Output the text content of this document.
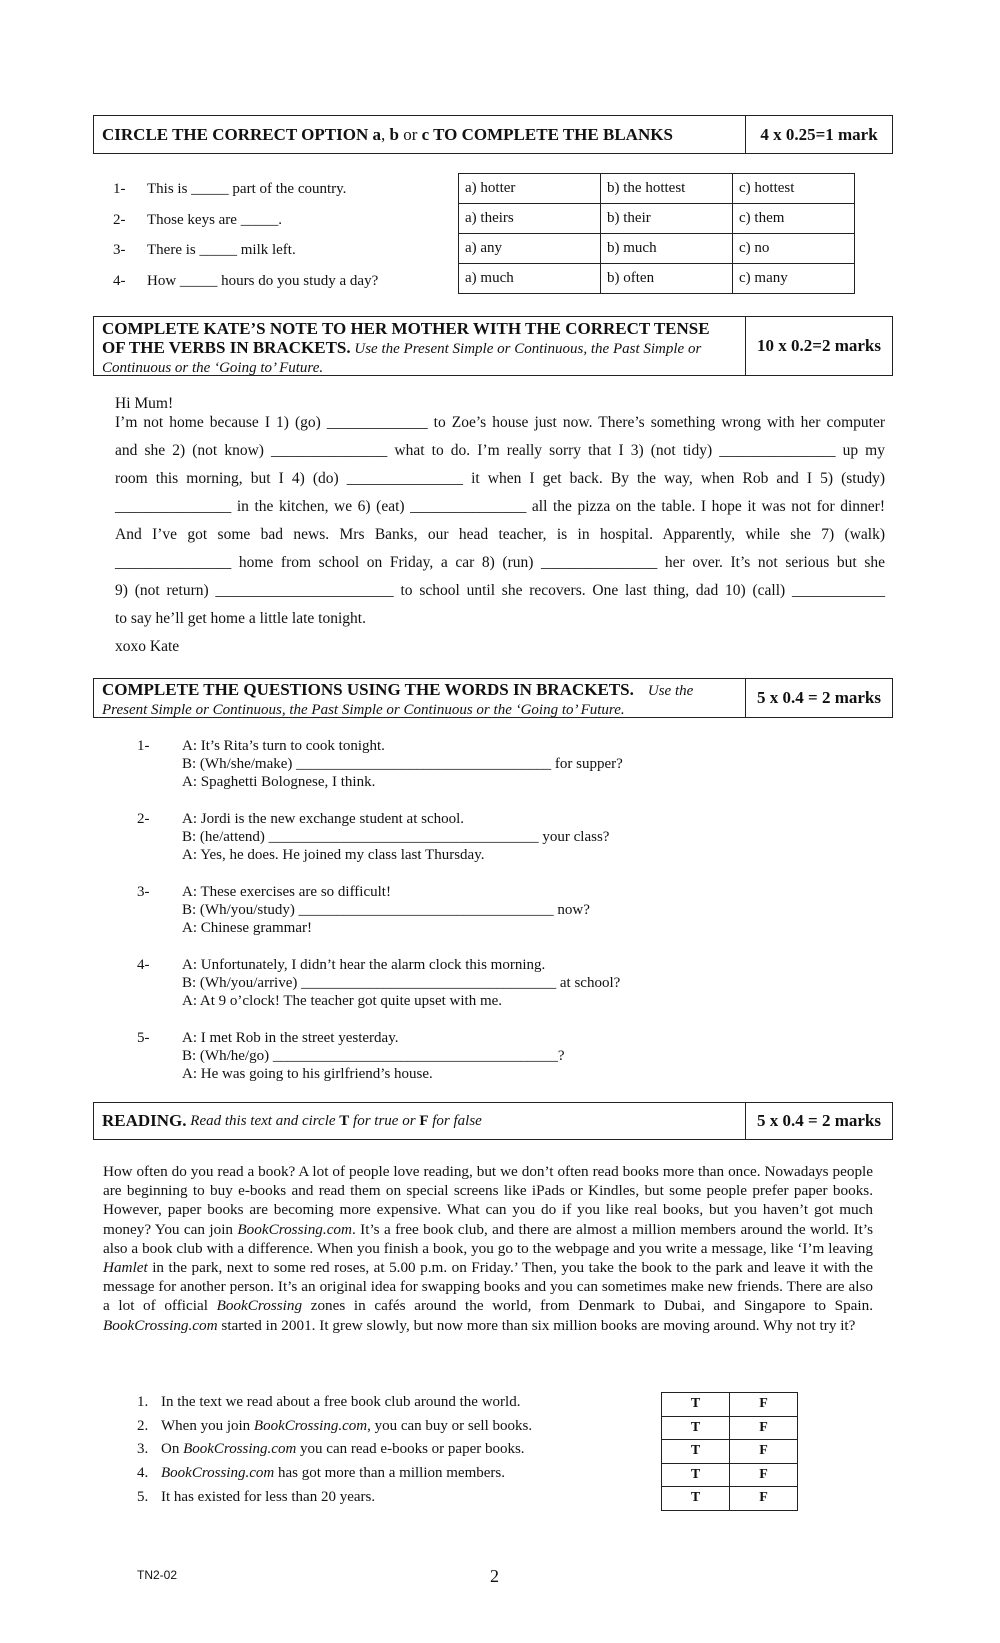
CIRCLE THE CORRECT OPTION a , b or c TO COMPLETE THE BLANKS	4 x 0.25=1 mark
1- This is _____ part of the country.
2- Those keys are _____.
3- There is _____ milk left.
4- How _____ hours do you study a day?
a) hotter	b) the hottest	c) hottest
a) theirs	b) their	c) them
a) any	b) much	c) no
a) much	b) often	c) many
COMPLETE KATE’S NOTE TO HER MOTHER WITH THE CORRECT TENSE
OF THE VERBS IN BRACKETS. Use the Present Simple or Continuous, the Past Simple or
Continuous or the ‘Going to’ Future.
10 x 0.2=2 marks
Hi Mum!
I’m not home because I 1) (go) _____________ to Zoe’s house just now. There’s something wrong with her computer
and she 2) (not know) _______________ what to do. I’m really sorry that I 3) (not tidy) _______________ up my
room this morning, but I 4) (do) _______________ it when I get back. By the way, when Rob and I 5) (study)
_______________ in the kitchen, we 6) (eat) _______________ all the pizza on the table. I hope it was not for dinner!
And I’ve got some bad news. Mrs Banks, our head teacher, is in hospital. Apparently, while she 7) (walk)
_______________ home from school on Friday, a car 8) (run) _______________ her over. It’s not serious but she
9) (not return) _______________________ to school until she recovers. One last thing, dad 10) (call) ____________
to say he’ll get home a little late tonight.
xoxo Kate
COMPLETE THE QUESTIONS USING THE WORDS IN BRACKETS. Use the
Present Simple or Continuous, the Past Simple or Continuous or the ‘Going to’ Future.
5 x 0.4 = 2 marks
1- A: It’s Rita’s turn to cook tonight.
B: (Wh/she/make) __________________________________ for supper?
A: Spaghetti Bolognese, I think.
2- A: Jordi is the new exchange student at school.
B: (he/attend) ____________________________________ your class?
A: Yes, he does. He joined my class last Thursday.
3- A: These exercises are so difficult!
B: (Wh/you/study) __________________________________ now?
A: Chinese grammar!
4- A: Unfortunately, I didn’t hear the alarm clock this morning.
B: (Wh/you/arrive) __________________________________ at school?
A: At 9 o’clock! The teacher got quite upset with me.
5- A: I met Rob in the street yesterday.
B: (Wh/he/go) ______________________________________?
A: He was going to his girlfriend’s house.
READING. Read this text and circle T for true or F for false	5 x 0.4 = 2 marks
How often do you read a book? A lot of people love reading, but we don’t often read books more than once. Nowadays people are beginning to buy e-books and read them on special screens like iPads or Kindles, but some people prefer paper books. However, paper books are becoming more expensive. What can you do if you like real books, but you haven’t got much money? You can join BookCrossing.com. It’s a free book club, and there are almost a million members around the world. It’s also a book club with a difference. When you finish a book, you go to the webpage and you write a message, like ‘I’m leaving Hamlet in the park, next to some red roses, at 5.00 p.m. on Friday.’ Then, you take the book to the park and leave it with the message for another person. It’s an original idea for swapping books and you can sometimes make new friends. There are also a lot of official BookCrossing zones in cafés around the world, from Denmark to Dubai, and Singapore to Spain. BookCrossing.com started in 2001. It grew slowly, but now more than six million books are moving around. Why not try it?
1. In the text we read about a free book club around the world.
2. When you join BookCrossing.com, you can buy or sell books.
3. On BookCrossing.com you can read e-books or paper books.
4. BookCrossing.com has got more than a million members.
5. It has existed for less than 20 years.
T	F
T	F
T	F
T	F
T	F
TN2-02	2
